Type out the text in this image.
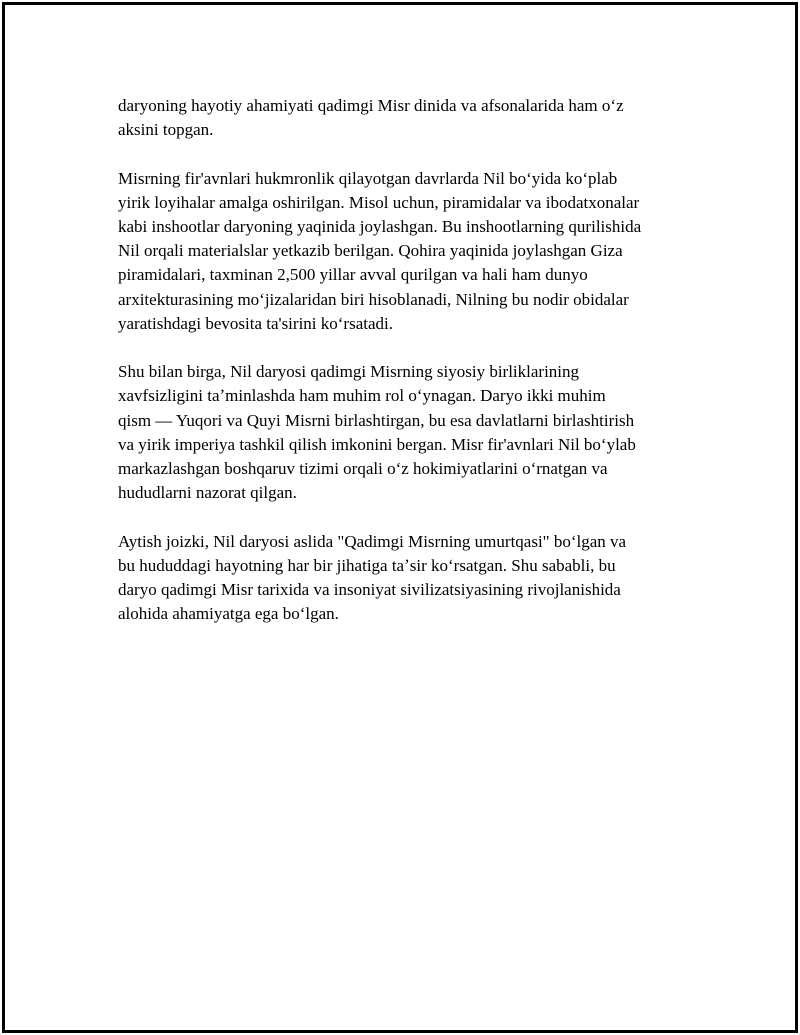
daryoning hayotiy ahamiyati qadimgi Misr dinida va afsonalarida ham oʻz
aksini topgan.

Misrning fir'avnlari hukmronlik qilayotgan davrlarda Nil boʻyida koʻplab
yirik loyihalar amalga oshirilgan. Misol uchun, piramidalar va ibodatxonalar
kabi inshootlar daryoning yaqinida joylashgan. Bu inshootlarning qurilishida
Nil orqali materialslar yetkazib berilgan. Qohira yaqinida joylashgan Giza
piramidalari, taxminan 2,500 yillar avval qurilgan va hali ham dunyo
arxitekturasining moʻjizalaridan biri hisoblanadi, Nilning bu nodir obidalar
yaratishdagi bevosita ta'sirini koʻrsatadi.

Shu bilan birga, Nil daryosi qadimgi Misrning siyosiy birliklarining
xavfsizligini taʼminlashda ham muhim rol oʻynagan. Daryo ikki muhim
qism — Yuqori va Quyi Misrni birlashtirgan, bu esa davlatlarni birlashtirish
va yirik imperiya tashkil qilish imkonini bergan. Misr fir'avnlari Nil boʻylab
markazlashgan boshqaruv tizimi orqali oʻz hokimiyatlarini oʻrnatgan va
hududlarni nazorat qilgan.

Aytish joizki, Nil daryosi aslida "Qadimgi Misrning umurtqasi" boʻlgan va
bu hududdagi hayotning har bir jihatiga taʼsir koʻrsatgan. Shu sababli, bu
daryo qadimgi Misr tarixida va insoniyat sivilizatsiyasining rivojlanishida
alohida ahamiyatga ega boʻlgan.
